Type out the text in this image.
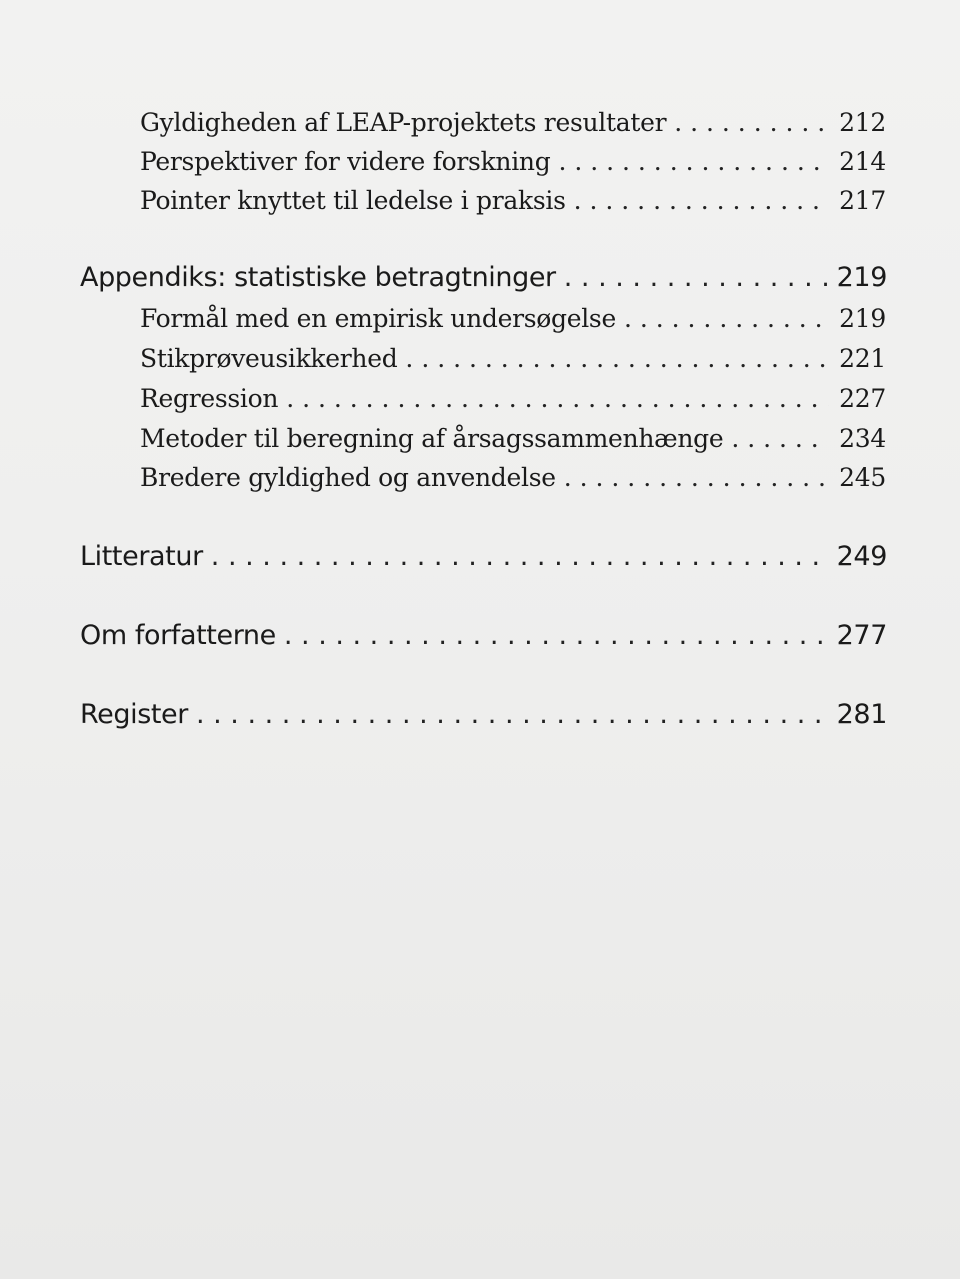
Gyldigheden af LEAP-projektets resultater . . .	212
Perspektiver for videre forskning . . .	214
Pointer knyttet til ledelse i praksis . . .	217
Appendiks: statistiske betragtninger . . .	219
Formål med en empirisk undersøgelse . . .	219
Stikprøveusikkerhed . . .	221
Regression . . .	227
Metoder til beregning af årsagssammenhænge . . .	234
Bredere gyldighed og anvendelse . . .	245
Litteratur . . .	249
Om forfatterne . . .	277
Register . . .	281
